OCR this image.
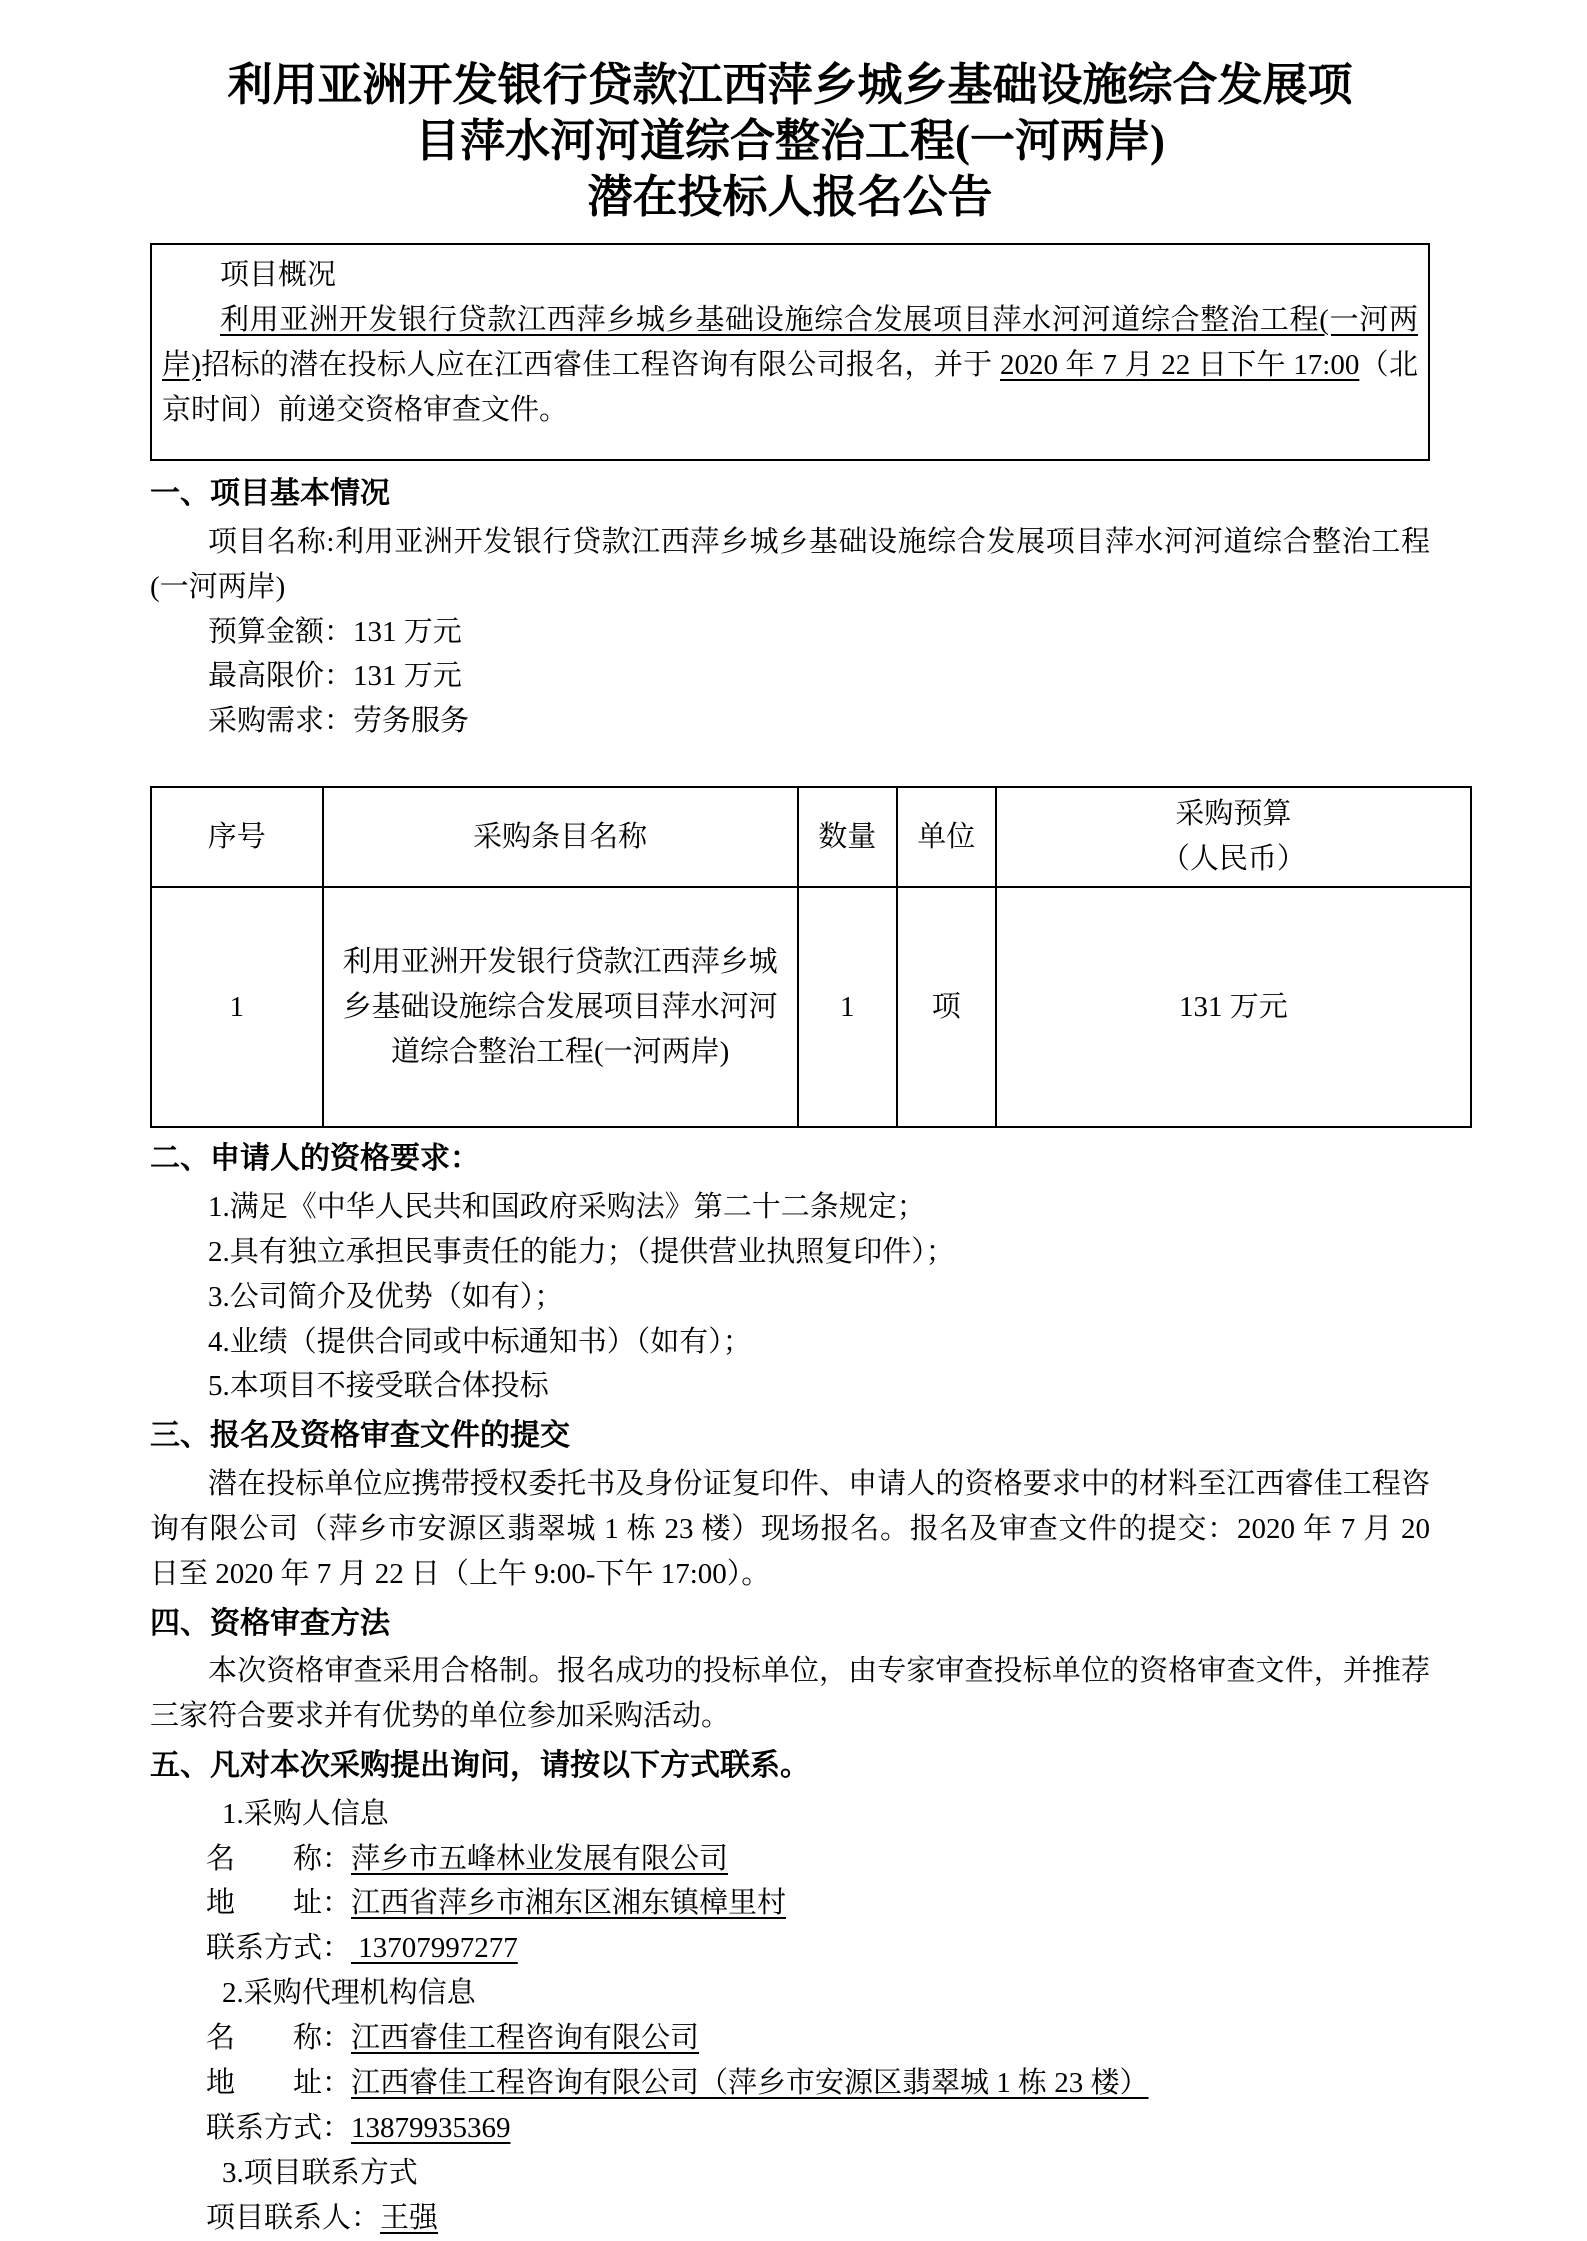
利用亚洲开发银行贷款江西萍乡城乡基础设施综合发展项
目萍水河河道综合整治工程(一河两岸)
潜在投标人报名公告

项目概况

利用亚洲开发银行贷款江西萍乡城乡基础设施综合发展项目萍水河河道综合整治工程(一河两岸)招标的潜在投标人应在江西睿佳工程咨询有限公司报名，并于 2020 年 7 月 22 日下午 17:00（北京时间）前递交资格审查文件。

一、项目基本情况

项目名称:利用亚洲开发银行贷款江西萍乡城乡基础设施综合发展项目萍水河河道综合整治工程(一河两岸)

预算金额：131 万元

最高限价：131 万元

采购需求：劳务服务

序号	采购条目名称	数量	单位	采购预算
（人民币）

1	利用亚洲开发银行贷款江西萍乡城乡基础设施综合发展项目萍水河河道综合整治工程(一河两岸)	1	项	131 万元
二、申请人的资格要求：

1.满足《中华人民共和国政府采购法》第二十二条规定；

2.具有独立承担民事责任的能力；（提供营业执照复印件）；

3.公司简介及优势（如有）；

4.业绩（提供合同或中标通知书）（如有）；

5.本项目不接受联合体投标

三、报名及资格审查文件的提交

潜在投标单位应携带授权委托书及身份证复印件、申请人的资格要求中的材料至江西睿佳工程咨询有限公司（萍乡市安源区翡翠城 1 栋 23 楼）现场报名。报名及审查文件的提交：2020 年 7 月 20 日至 2020 年 7 月 22 日（上午 9:00-下午 17:00）。

四、资格审查方法

本次资格审查采用合格制。报名成功的投标单位，由专家审查投标单位的资格审查文件，并推荐三家符合要求并有优势的单位参加采购活动。

五、凡对本次采购提出询问，请按以下方式联系。

1.采购人信息

名　　称：萍乡市五峰林业发展有限公司

地　　址：江西省萍乡市湘东区湘东镇樟里村

联系方式： 13707997277

2.采购代理机构信息

名　　称：江西睿佳工程咨询有限公司

地　　址：江西睿佳工程咨询有限公司（萍乡市安源区翡翠城 1 栋 23 楼）

联系方式：13879935369

3.项目联系方式

项目联系人：王强
